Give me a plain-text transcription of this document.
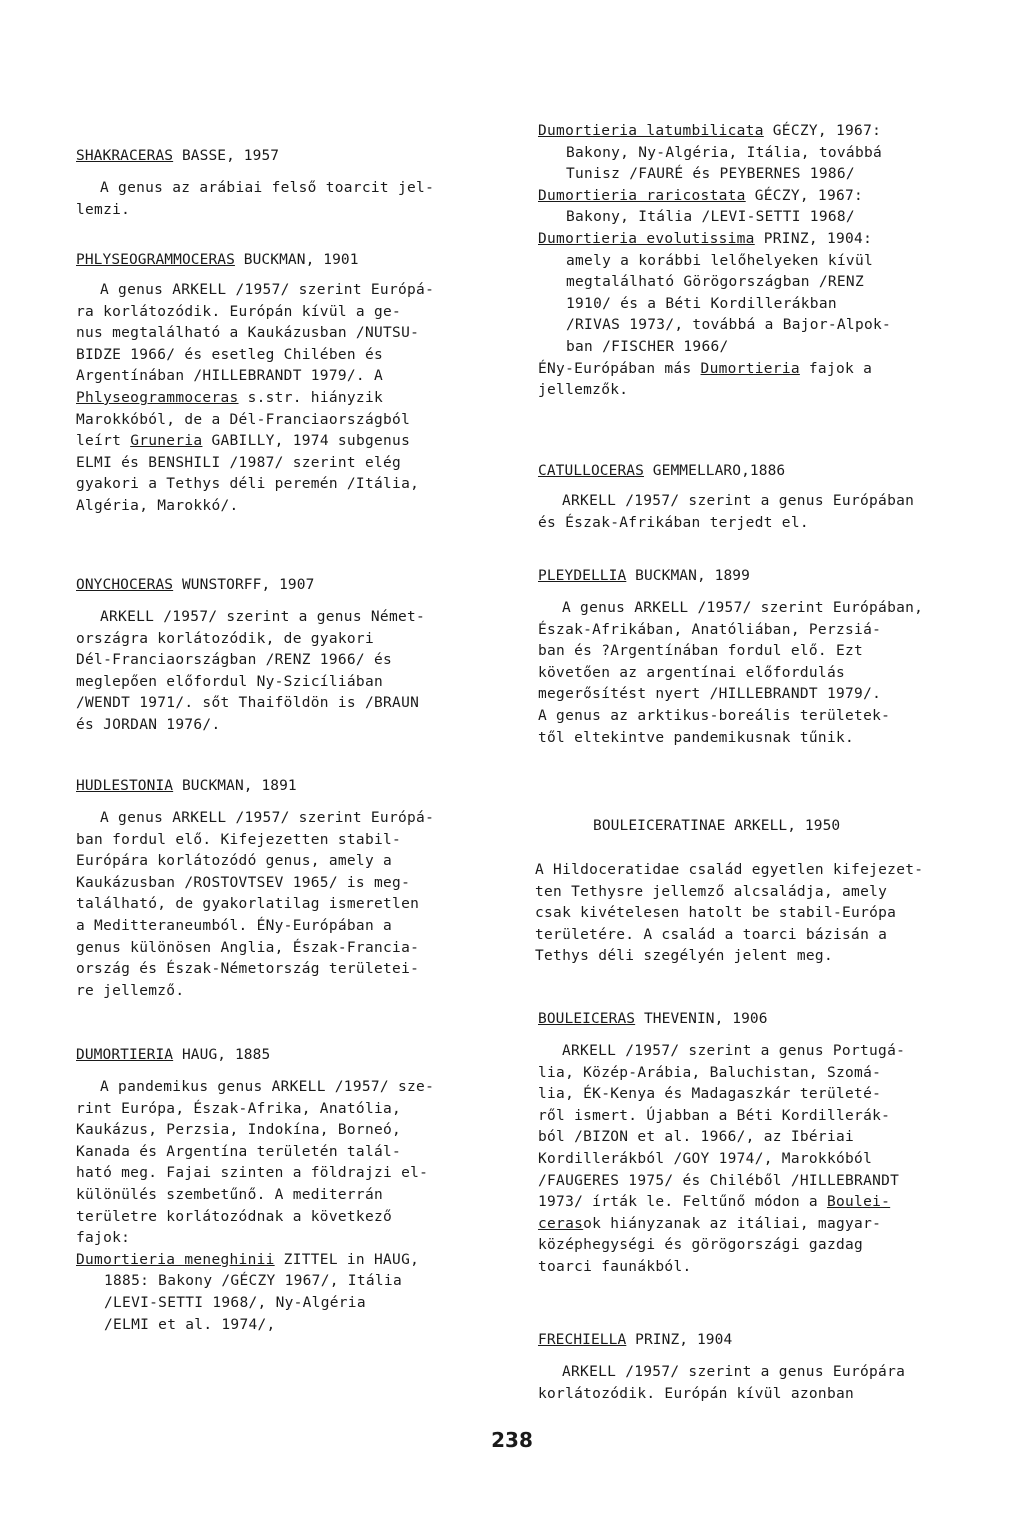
SHAKRACERAS BASSE, 1957
A genus az arábiai felső toarcit jel-
lemzi.
PHLYSEOGRAMMOCERAS BUCKMAN, 1901
A genus ARKELL /1957/ szerint Európá-
ra korlátozódik. Európán kívül a ge-
nus megtalálható a Kaukázusban /NUTSU-
BIDZE 1966/ és esetleg Chilében és
Argentínában /HILLEBRANDT 1979/. A
Phlyseogrammoceras s.str. hiányzik
Marokkóból, de a Dél-Franciaországból
leírt Gruneria GABILLY, 1974 subgenus
ELMI és BENSHILI /1987/ szerint elég
gyakori a Tethys déli peremén /Itália,
Algéria, Marokkó/.
ONYCHOCERAS WUNSTORFF, 1907
ARKELL /1957/ szerint a genus Német-
országra korlátozódik, de gyakori
Dél-Franciaországban /RENZ 1966/ és
meglepően előfordul Ny-Szicíliában
/WENDT 1971/. sőt Thaiföldön is /BRAUN
és JORDAN 1976/.
HUDLESTONIA BUCKMAN, 1891
A genus ARKELL /1957/ szerint Európá-
ban fordul elő. Kifejezetten stabil-
Európára korlátozódó genus, amely a
Kaukázusban /ROSTOVTSEV 1965/ is meg-
található, de gyakorlatilag ismeretlen
a Meditteraneumból. ÉNy-Európában a
genus különösen Anglia, Észak-Francia-
ország és Észak-Németország területei-
re jellemző.
DUMORTIERIA HAUG, 1885
A pandemikus genus ARKELL /1957/ sze-
rint Európa, Észak-Afrika, Anatólia,
Kaukázus, Perzsia, Indokína, Borneó,
Kanada és Argentína területén talál-
ható meg. Fajai szinten a földrajzi el-
különülés szembetűnő. A mediterrán
területre korlátozódnak a következő
fajok:
Dumortieria meneghinii ZITTEL in HAUG,
1885: Bakony /GÉCZY 1967/, Itália
/LEVI-SETTI 1968/, Ny-Algéria
/ELMI et al. 1974/,
Dumortieria latumbilicata GÉCZY, 1967:
Bakony, Ny-Algéria, Itália, továbbá
Tunisz /FAURÉ és PEYBERNES 1986/
Dumortieria raricostata GÉCZY, 1967:
Bakony, Itália /LEVI-SETTI 1968/
Dumortieria evolutissima PRINZ, 1904:
amely a korábbi lelőhelyeken kívül
megtalálható Görögországban /RENZ
1910/ és a Béti Kordillerákban
/RIVAS 1973/, továbbá a Bajor-Alpok-
ban /FISCHER 1966/
ÉNy-Európában más Dumortieria fajok a
jellemzők.
CATULLOCERAS GEMMELLARO,1886
ARKELL /1957/ szerint a genus Európában
és Észak-Afrikában terjedt el.
PLEYDELLIA BUCKMAN, 1899
A genus ARKELL /1957/ szerint Európában,
Észak-Afrikában, Anatóliában, Perzsiá-
ban és ?Argentínában fordul elő. Ezt
követően az argentínai előfordulás
megerősítést nyert /HILLEBRANDT 1979/.
A genus az arktikus-boreális területek-
től eltekintve pandemikusnak tűnik.
BOULEICERATINAE ARKELL, 1950
A Hildoceratidae család egyetlen kifejezet-
ten Tethysre jellemző alcsaládja, amely
csak kivételesen hatolt be stabil-Európa
területére. A család a toarci bázisán a
Tethys déli szegélyén jelent meg.
BOULEICERAS THEVENIN, 1906
ARKELL /1957/ szerint a genus Portugá-
lia, Közép-Arábia, Baluchistan, Szomá-
lia, ÉK-Kenya és Madagaszkár területé-
ről ismert. Újabban a Béti Kordillerák-
ból /BIZON et al. 1966/, az Ibériai
Kordillerákból /GOY 1974/, Marokkóból
/FAUGERES 1975/ és Chiléből /HILLEBRANDT
1973/ írták le. Feltűnő módon a Boulei-
cerasok hiányzanak az itáliai, magyar-
középhegységi és görögországi gazdag
toarci faunákból.
FRECHIELLA PRINZ, 1904
ARKELL /1957/ szerint a genus Európára
korlátozódik. Európán kívül azonban
238
